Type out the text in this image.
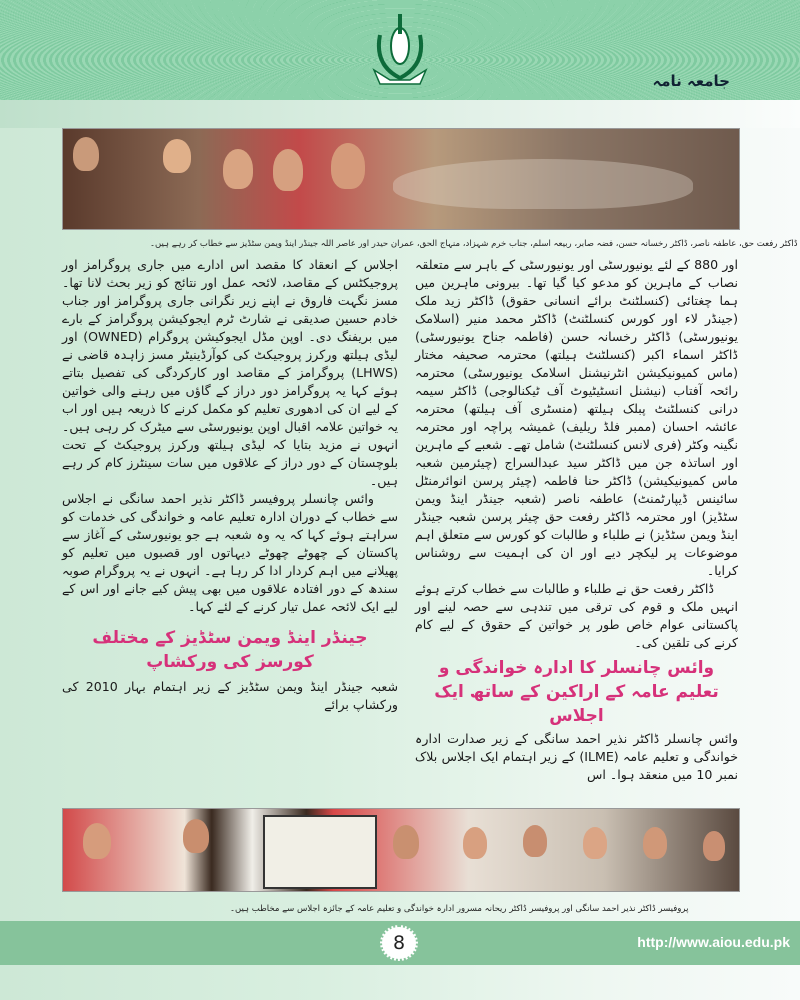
جامعہ نامہ
ڈاکٹر رفعت حق، عاطفہ ناصر، ڈاکٹر رخسانہ حسن، فضہ صابر، ربیعہ اسلم، جناب خرم شہزاد، منہاج الحق، عمران حیدر اور عاصر اللہ جینڈر اینڈ ویمن سٹڈیز سے خطاب کر رہے ہیں۔

اور 880 کے لئے یونیورسٹی اور یونیورسٹی کے باہر سے متعلقہ نصاب کے ماہرین کو مدعو کیا گیا تھا۔ بیرونی ماہرین میں ہما چغتائی (کنسلٹنٹ برائے انسانی حقوق) ڈاکٹر زید ملک (جینڈر لاء اور کورس کنسلٹنٹ) ڈاکٹر محمد منیر (اسلامک یونیورسٹی) ڈاکٹر رخسانہ حسن (فاطمہ جناح یونیورسٹی) ڈاکٹر اسماء اکبر (کنسلٹنٹ ہیلتھ) محترمہ صحیفہ مختار (ماس کمیونیکیشن انٹرنیشنل اسلامک یونیورسٹی) محترمہ رائحہ آفتاب (نیشنل انسٹیٹیوٹ آف ٹیکنالوجی) ڈاکٹر سیمہ درانی کنسلٹنٹ پبلک ہیلتھ (منسٹری آف ہیلتھ) محترمہ عائشہ احسان (ممبر فلڈ ریلیف) غمیشہ پراچہ اور محترمہ نگینہ وکٹر (فری لانس کنسلٹنٹ) شامل تھے۔ شعبے کے ماہرین اور اساتذہ جن میں ڈاکٹر سید عبدالسراج (چیئرمین شعبہ ماس کمیونیکیشن) ڈاکٹر حنا فاطمہ (چیئر پرسن انوائرمنٹل سائینس ڈیپارٹمنٹ) عاطفہ ناصر (شعبہ جینڈر اینڈ ویمن سٹڈیز) اور محترمہ ڈاکٹر رفعت حق چیئر پرسن شعبہ جینڈر اینڈ ویمن سٹڈیز) نے طلباء و طالبات کو کورس سے متعلق اہم موضوعات پر لیکچر دیے اور ان کی اہمیت سے روشناس کرایا۔

ڈاکٹر رفعت حق نے طلباء و طالبات سے خطاب کرتے ہوئے انہیں ملک و قوم کی ترقی میں تندہی سے حصہ لینے اور پاکستانی عوام خاص طور پر خواتین کے حقوق کے لیے کام کرنے کی تلقین کی۔

وائس چانسلر کا ادارہ خواندگی و تعلیم عامہ کے اراکین کے ساتھ ایک اجلاس

وائس چانسلر ڈاکٹر نذیر احمد سانگی کے زیر صدارت ادارہ خواندگی و تعلیم عامہ (ILME) کے زیر اہتمام ایک اجلاس بلاک نمبر 10 میں منعقد ہوا۔ اس

اجلاس کے انعقاد کا مقصد اس ادارے میں جاری پروگرامز اور پروجیکٹس کے مقاصد، لائحہ عمل اور نتائج کو زیر بحث لانا تھا۔ مسز نگہت فاروق نے اپنے زیر نگرانی جاری پروگرامز اور جناب خادم حسین صدیقی نے شارٹ ٹرم ایجوکیشن پروگرامز کے بارے میں بریفنگ دی۔ اوپن مڈل ایجوکیشن پروگرام (OWNED) اور لیڈی ہیلتھ ورکرز پروجیکٹ کی کوآرڈینیٹر مسز زاہدہ قاضی نے (LHWS) پروگرامز کے مقاصد اور کارکردگی کی تفصیل بتاتے ہوئے کہا یہ پروگرامز دور دراز کے گاؤں میں رہنے والی خواتین کے لیے ان کی ادھوری تعلیم کو مکمل کرنے کا ذریعہ ہیں اور اب یہ خواتین علامہ اقبال اوپن یونیورسٹی سے میٹرک کر رہی ہیں۔ انہوں نے مزید بتایا کہ لیڈی ہیلتھ ورکرز پروجیکٹ کے تحت بلوچستان کے دور دراز کے علاقوں میں سات سینٹرز کام کر رہے ہیں۔

وائس چانسلر پروفیسر ڈاکٹر نذیر احمد سانگی نے اجلاس سے خطاب کے دوران ادارہ تعلیم عامہ و خواندگی کی خدمات کو سراہتے ہوئے کہا کہ یہ وہ شعبہ ہے جو یونیورسٹی کے آغاز سے پاکستان کے چھوٹے چھوٹے دیہاتوں اور قصبوں میں تعلیم کو پھیلانے میں اہم کردار ادا کر رہا ہے۔ انہوں نے یہ پروگرام صوبہ سندھ کے دور افتادہ علاقوں میں بھی پیش کیے جانے اور اس کے لیے ایک لائحہ عمل تیار کرنے کے لئے کہا۔

جینڈر اینڈ ویمن سٹڈیز کے مختلف کورسز کی ورکشاپ

شعبہ جینڈر اینڈ ویمن سٹڈیز کے زیر اہتمام بہار 2010 کی ورکشاپ برائے

پروفیسر ڈاکٹر نذیر احمد سانگی اور پروفیسر ڈاکٹر ریحانہ مسرور ادارہ خواندگی و تعلیم عامہ کے جائزہ اجلاس سے مخاطب ہیں۔
8	http://www.aiou.edu.pk
